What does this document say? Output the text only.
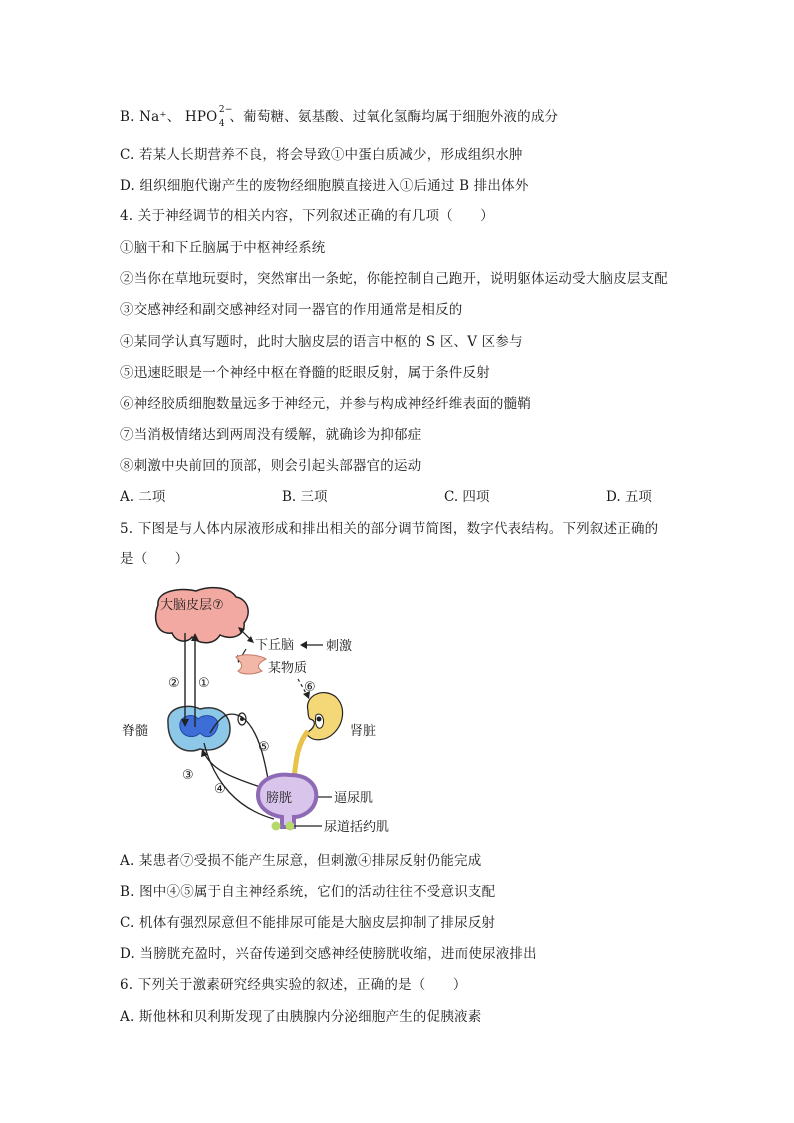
B. Na⁺、 HPO 2−
4 、葡萄糖、氨基酸、过氧化氢酶均属于细胞外液的成分
C. 若某人长期营养不良，将会导致①中蛋白质减少，形成组织水肿
D. 组织细胞代谢产生的废物经细胞膜直接进入①后通过 B 排出体外
4. 关于神经调节的相关内容，下列叙述正确的有几项（　　）
①脑干和下丘脑属于中枢神经系统
②当你在草地玩耍时，突然窜出一条蛇，你能控制自己跑开，说明躯体运动受大脑皮层支配
③交感神经和副交感神经对同一器官的作用通常是相反的
④某同学认真写题时，此时大脑皮层的语言中枢的 S 区、V 区参与
⑤迅速眨眼是一个神经中枢在脊髓的眨眼反射，属于条件反射
⑥神经胶质细胞数量远多于神经元，并参与构成神经纤维表面的髓鞘
⑦当消极情绪达到两周没有缓解，就确诊为抑郁症
⑧刺激中央前回的顶部，则会引起头部器官的运动
A. 二项	B. 三项	C. 四项	D. 五项
5. 下图是与人体内尿液形成和排出相关的部分调节简图，数字代表结构。下列叙述正确的
是（　　）
大脑皮层⑦
下丘脑 刺激
某物质
⑥
肾脏
脊髓
② ①
⑤
③
④
膀胱	逼尿肌
尿道括约肌
A. 某患者⑦受损不能产生尿意，但刺激④排尿反射仍能完成
B. 图中④⑤属于自主神经系统，它们的活动往往不受意识支配
C. 机体有强烈尿意但不能排尿可能是大脑皮层抑制了排尿反射
D. 当膀胱充盈时，兴奋传递到交感神经使膀胱收缩，进而使尿液排出
6. 下列关于激素研究经典实验的叙述，正确的是（　　）
A. 斯他林和贝利斯发现了由胰腺内分泌细胞产生的促胰液素
